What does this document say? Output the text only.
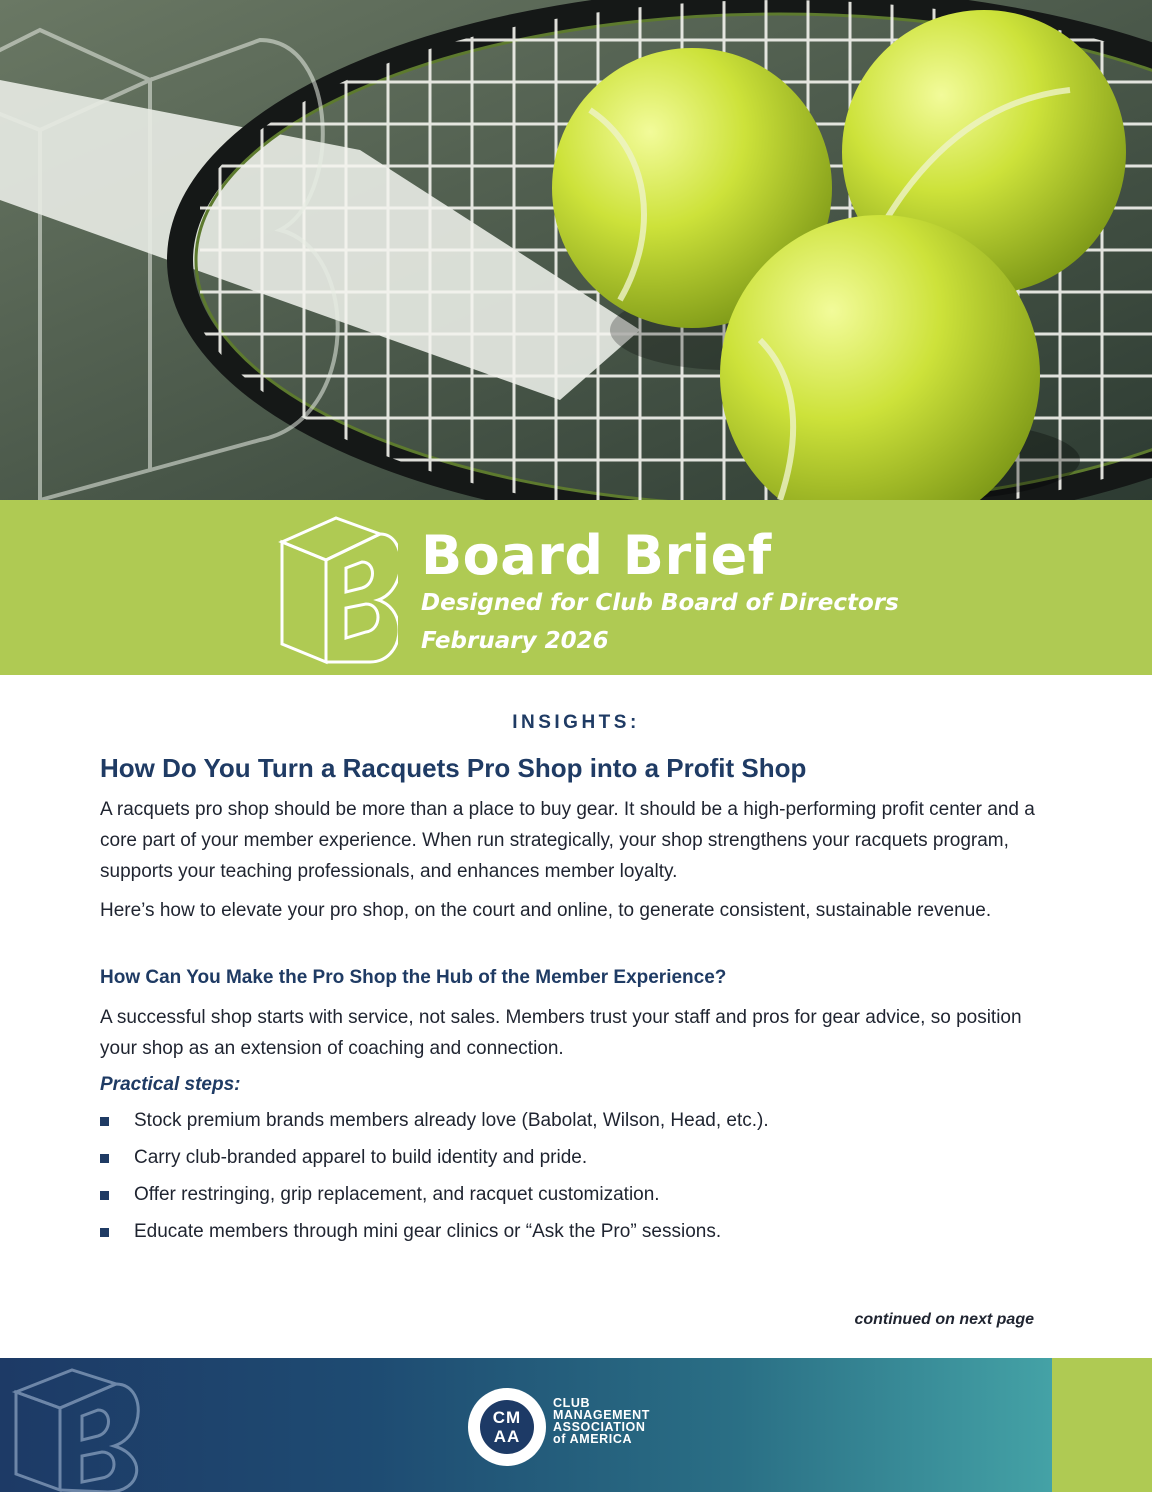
Board Brief
Designed for Club Board of Directors
February 2026
INSIGHTS:
How Do You Turn a Racquets Pro Shop into a Profit Shop

A racquets pro shop should be more than a place to buy gear. It should be a high-performing profit center and a core part of your member experience. When run strategically, your shop strengthens your racquets program, supports your teaching professionals, and enhances member loyalty.

Here’s how to elevate your pro shop, on the court and online, to generate consistent, sustainable revenue.

How Can You Make the Pro Shop the Hub of the Member Experience?

A successful shop starts with service, not sales. Members trust your staff and pros for gear advice, so position your shop as an extension of coaching and connection.

Practical steps:
Stock premium brands members already love (Babolat, Wilson, Head, etc.).
Carry club-branded apparel to build identity and pride.
Offer restringing, grip replacement, and racquet customization.
Educate members through mini gear clinics or “Ask the Pro” sessions.
continued on next page
CM
AA
CLUB
MANAGEMENT
ASSOCIATION
of AMERICA
